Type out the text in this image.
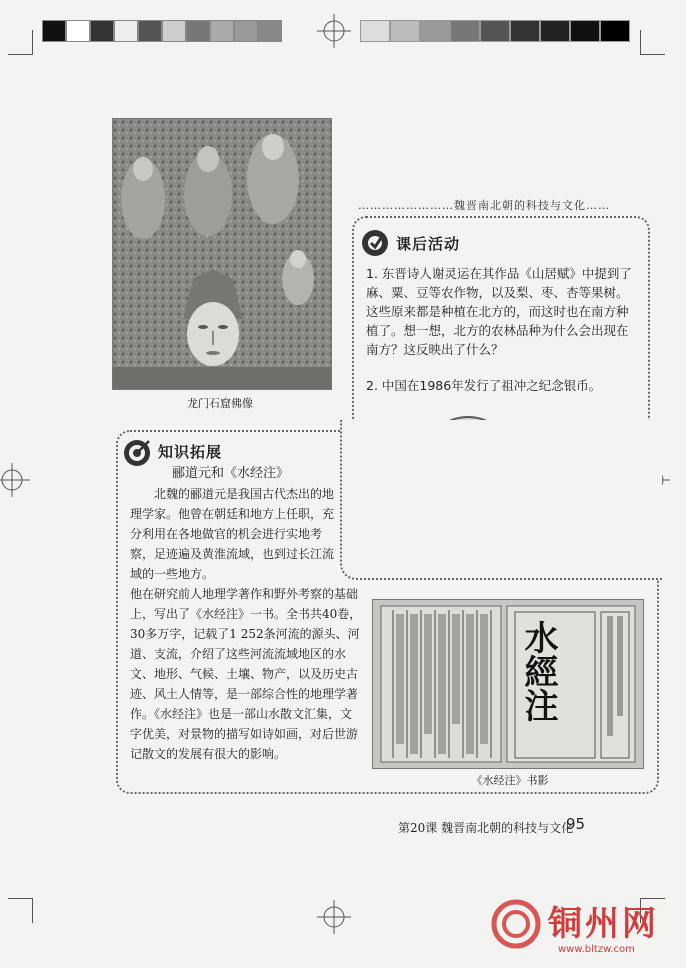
龙门石窟佛像
……………………魏晋南北朝的科技与文化……
课后活动
1. 东晋诗人谢灵运在其作品《山居赋》中提到了麻、粟、豆等农作物，以及梨、枣、杏等果树。这些原来都是种植在北方的，而这时也在南方种植了。想一想，北方的农林品种为什么会出现在南方？这反映出了什么？
2. 中国在1986年发行了祖冲之纪念银币。
知识拓展
郦道元和《水经注》
北魏的郦道元是我国古代杰出的地理学家。他曾在朝廷和地方上任职，充分利用在各地做官的机会进行实地考察，足迹遍及黄淮流域，也到过长江流域的一些地方。
他在研究前人地理学著作和野外考察的基础上，写出了《水经注》一书。全书共40卷，30多万字，记载了1 252条河流的源头、河道、支流，介绍了这些河流流域地区的水文、地形、气候、土壤、物产，以及历史古迹、风土人情等，是一部综合性的地理学著作。《水经注》也是一部山水散文汇集，文字优美，对景物的描写如诗如画，对后世游记散文的发展有很大的影响。
水經注
《水经注》书影
第20课 魏晋南北朝的科技与文化
95
铜州网
www.bltzw.com
